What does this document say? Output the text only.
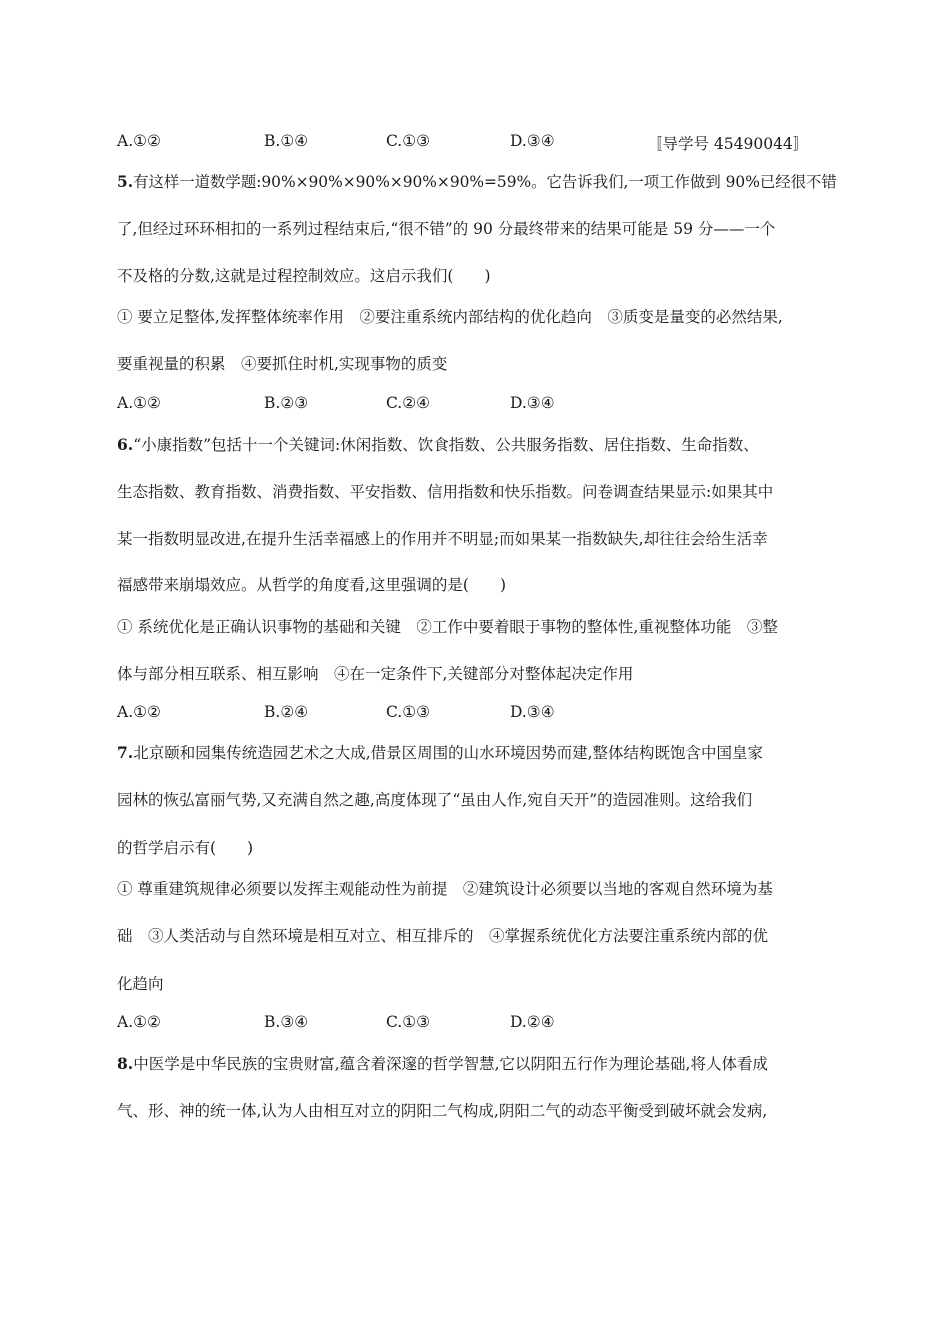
A.①②	B.①④	C.①③	D.③④	〚导学号 45490044〛
5.有这样一道数学题:90%×90%×90%×90%×90%=59%。它告诉我们,一项工作做到 90%已经很不错
了,但经过环环相扣的一系列过程结束后,“很不错”的 90 分最终带来的结果可能是 59 分——一个
不及格的分数,这就是过程控制效应。这启示我们(　　)
① 要立足整体,发挥整体统率作用　②要注重系统内部结构的优化趋向　③质变是量变的必然结果,
要重视量的积累　④要抓住时机,实现事物的质变
A.①②	B.②③	C.②④	D.③④
6.“小康指数”包括十一个关键词:休闲指数、饮食指数、公共服务指数、居住指数、生命指数、
生态指数、教育指数、消费指数、平安指数、信用指数和快乐指数。问卷调查结果显示:如果其中
某一指数明显改进,在提升生活幸福感上的作用并不明显;而如果某一指数缺失,却往往会给生活幸
福感带来崩塌效应。从哲学的角度看,这里强调的是(　　)
① 系统优化是正确认识事物的基础和关键　②工作中要着眼于事物的整体性,重视整体功能　③整
体与部分相互联系、相互影响　④在一定条件下,关键部分对整体起决定作用
A.①②	B.②④	C.①③	D.③④
7.北京颐和园集传统造园艺术之大成,借景区周围的山水环境因势而建,整体结构既饱含中国皇家
园林的恢弘富丽气势,又充满自然之趣,高度体现了“虽由人作,宛自天开”的造园准则。这给我们
的哲学启示有(　　)
① 尊重建筑规律必须要以发挥主观能动性为前提　②建筑设计必须要以当地的客观自然环境为基
础　③人类活动与自然环境是相互对立、相互排斥的　④掌握系统优化方法要注重系统内部的优
化趋向
A.①②	B.③④	C.①③	D.②④
8.中医学是中华民族的宝贵财富,蕴含着深邃的哲学智慧,它以阴阳五行作为理论基础,将人体看成
气、形、神的统一体,认为人由相互对立的阴阳二气构成,阴阳二气的动态平衡受到破坏就会发病,
